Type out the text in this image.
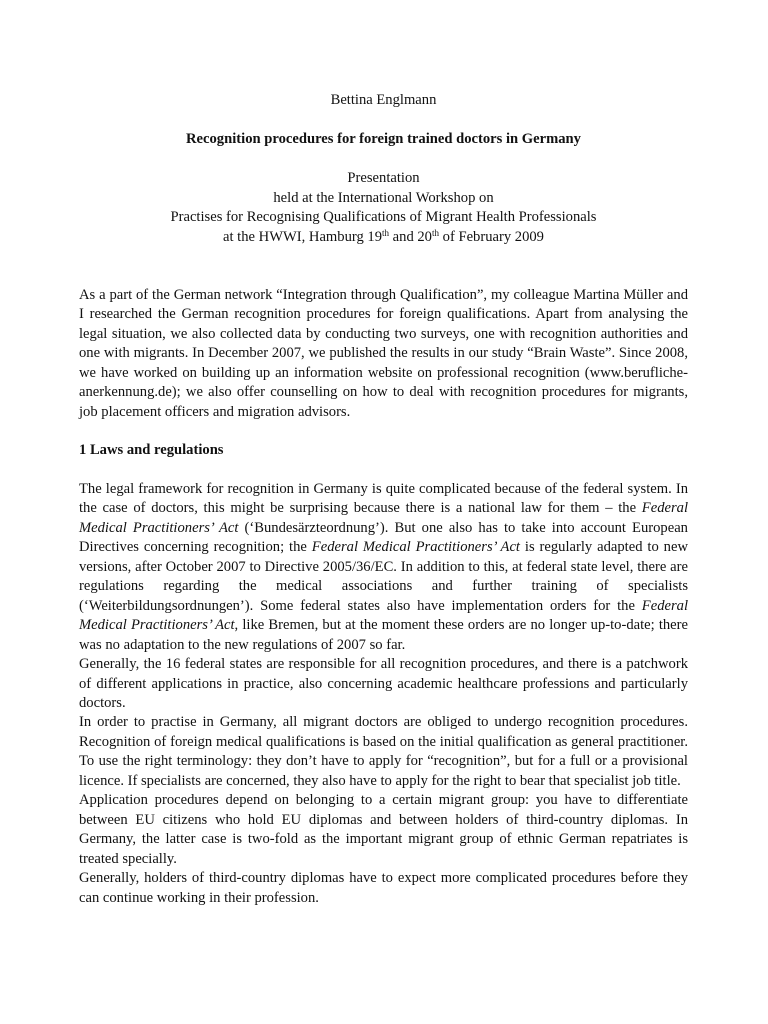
Bettina Englmann
Recognition procedures for foreign trained doctors in Germany
Presentation
held at the International Workshop on
Practises for Recognising Qualifications of Migrant Health Professionals
at the HWWI, Hamburg 19th and 20th of February 2009

As a part of the German network “Integration through Qualification”, my colleague Martina Müller and I researched the German recognition procedures for foreign qualifications. Apart from analysing the legal situation, we also collected data by conducting two surveys, one with recognition authorities and one with migrants. In December 2007, we published the results in our study “Brain Waste”. Since 2008, we have worked on building up an information website on professional recognition (www.berufliche-anerkennung.de); we also offer counselling on how to deal with recognition procedures for migrants, job placement officers and migration advisors.

1 Laws and regulations

The legal framework for recognition in Germany is quite complicated because of the federal system. In the case of doctors, this might be surprising because there is a national law for them – the Federal Medical Practitioners’ Act (‘Bundesärzteordnung’). But one also has to take into account European Directives concerning recognition; the Federal Medical Practitioners’ Act is regularly adapted to new versions, after October 2007 to Directive 2005/36/EC. In addition to this, at federal state level, there are regulations regarding the medical associations and further training of specialists (‘Weiterbildungsordnungen’). Some federal states also have implementation orders for the Federal Medical Practitioners’ Act, like Bremen, but at the moment these orders are no longer up-to-date; there was no adaptation to the new regulations of 2007 so far.

Generally, the 16 federal states are responsible for all recognition procedures, and there is a patchwork of different applications in practice, also concerning academic healthcare professions and particularly doctors.

In order to practise in Germany, all migrant doctors are obliged to undergo recognition procedures. Recognition of foreign medical qualifications is based on the initial qualification as general practitioner. To use the right terminology: they don’t have to apply for “recognition”, but for a full or a provisional licence. If specialists are concerned, they also have to apply for the right to bear that specialist job title.

Application procedures depend on belonging to a certain migrant group: you have to differentiate between EU citizens who hold EU diplomas and between holders of third-country diplomas. In Germany, the latter case is two-fold as the important migrant group of ethnic German repatriates is treated specially.

Generally, holders of third-country diplomas have to expect more complicated procedures before they can continue working in their profession.
